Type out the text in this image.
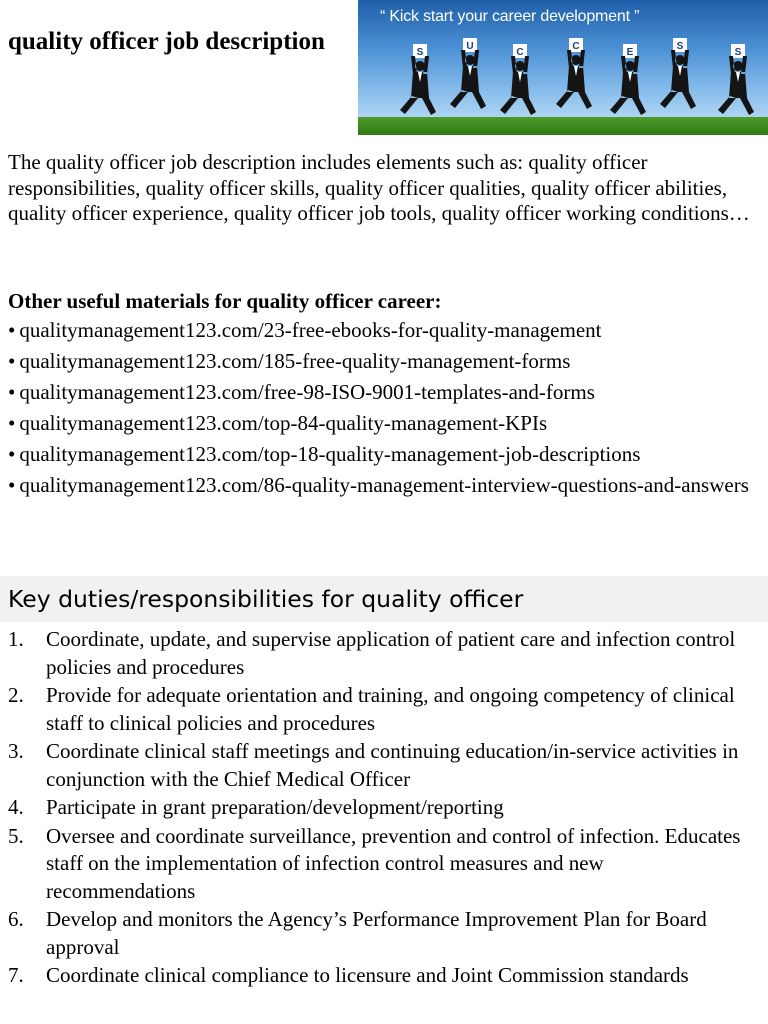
quality officer job description
“ Kick start your career development ”
S
U
C
C
E
S
S

The quality officer job description includes elements such as: quality officer responsibilities, quality officer skills, quality officer qualities, quality officer abilities, quality officer experience, quality officer job tools, quality officer working conditions…

Other useful materials for quality officer career:
• qualitymanagement123.com/23-free-ebooks-for-quality-management
• qualitymanagement123.com/185-free-quality-management-forms
• qualitymanagement123.com/free-98-ISO-9001-templates-and-forms
• qualitymanagement123.com/top-84-quality-management-KPIs
• qualitymanagement123.com/top-18-quality-management-job-descriptions
• qualitymanagement123.com/86-quality-management-interview-questions-and-answers
Key duties/responsibilities for quality officer
1. Coordinate, update, and supervise application of patient care and infection control policies and procedures
2. Provide for adequate orientation and training, and ongoing competency of clinical staff to clinical policies and procedures
3. Coordinate clinical staff meetings and continuing education/in-service activities in conjunction with the Chief Medical Officer
4. Participate in grant preparation/development/reporting
5. Oversee and coordinate surveillance, prevention and control of infection. Educates staff on the implementation of infection control measures and new recommendations
6. Develop and monitors the Agency’s Performance Improvement Plan for Board approval
7. Coordinate clinical compliance to licensure and Joint Commission standards
